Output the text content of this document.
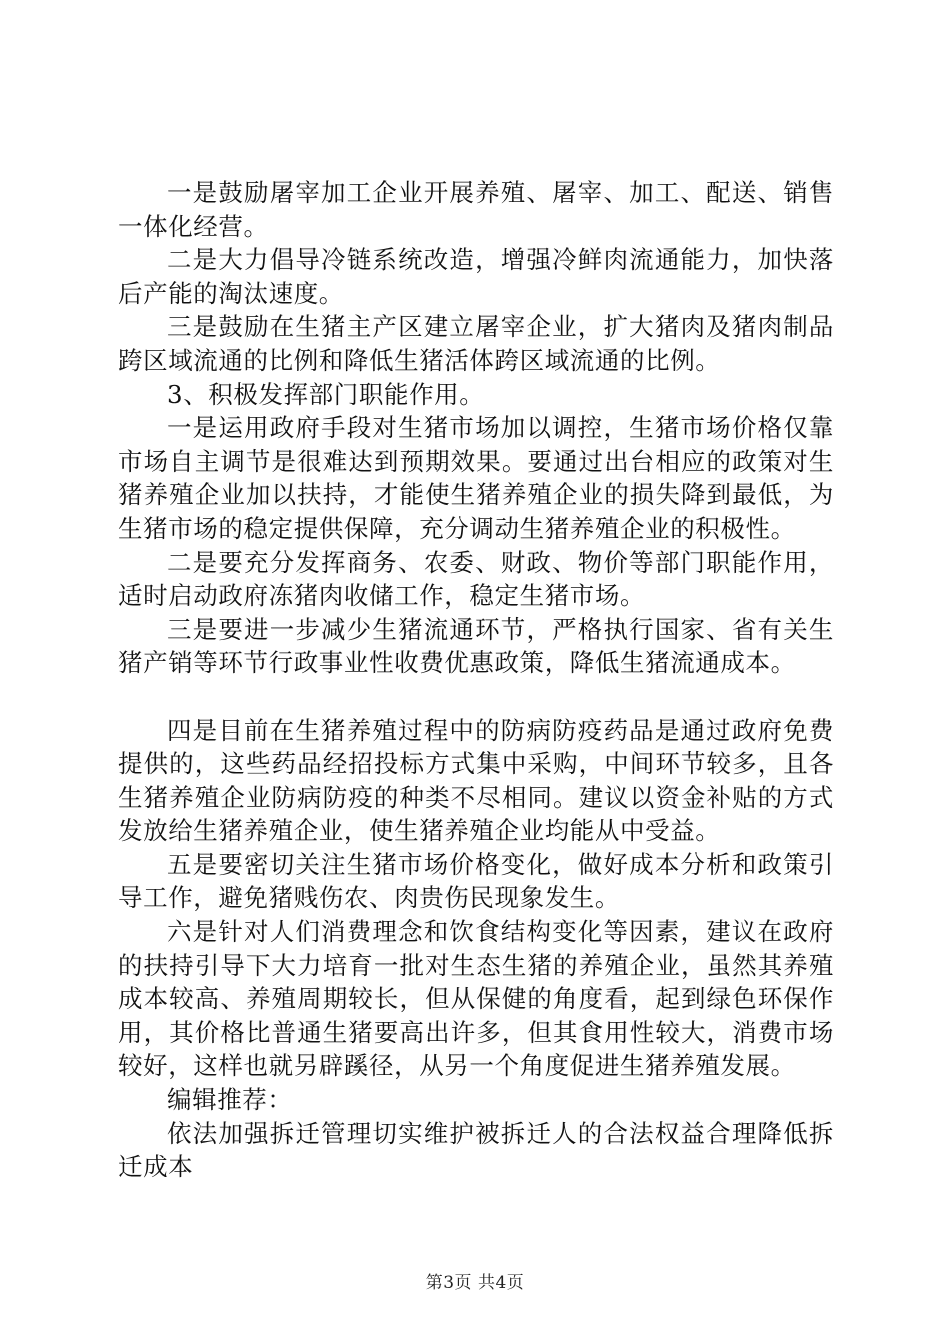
一是鼓励屠宰加工企业开展养殖、屠宰、加工、配送、销售一体化经营。

二是大力倡导冷链系统改造，增强冷鲜肉流通能力，加快落后产能的淘汰速度。

三是鼓励在生猪主产区建立屠宰企业，扩大猪肉及猪肉制品跨区域流通的比例和降低生猪活体跨区域流通的比例。

3、积极发挥部门职能作用。

一是运用政府手段对生猪市场加以调控，生猪市场价格仅靠市场自主调节是很难达到预期效果。要通过出台相应的政策对生猪养殖企业加以扶持，才能使生猪养殖企业的损失降到最低，为生猪市场的稳定提供保障，充分调动生猪养殖企业的积极性。

二是要充分发挥商务、农委、财政、物价等部门职能作用，适时启动政府冻猪肉收储工作，稳定生猪市场。

三是要进一步减少生猪流通环节，严格执行国家、省有关生猪产销等环节行政事业性收费优惠政策，降低生猪流通成本。

四是目前在生猪养殖过程中的防病防疫药品是通过政府免费提供的，这些药品经招投标方式集中采购，中间环节较多，且各生猪养殖企业防病防疫的种类不尽相同。建议以资金补贴的方式发放给生猪养殖企业，使生猪养殖企业均能从中受益。

五是要密切关注生猪市场价格变化，做好成本分析和政策引导工作，避免猪贱伤农、肉贵伤民现象发生。

六是针对人们消费理念和饮食结构变化等因素，建议在政府的扶持引导下大力培育一批对生态生猪的养殖企业，虽然其养殖成本较高、养殖周期较长，但从保健的角度看，起到绿色环保作用，其价格比普通生猪要高出许多，但其食用性较大，消费市场较好，这样也就另辟蹊径，从另一个角度促进生猪养殖发展。

编辑推荐：

依法加强拆迁管理切实维护被拆迁人的合法权益合理降低拆迁成本

第3页 共4页
